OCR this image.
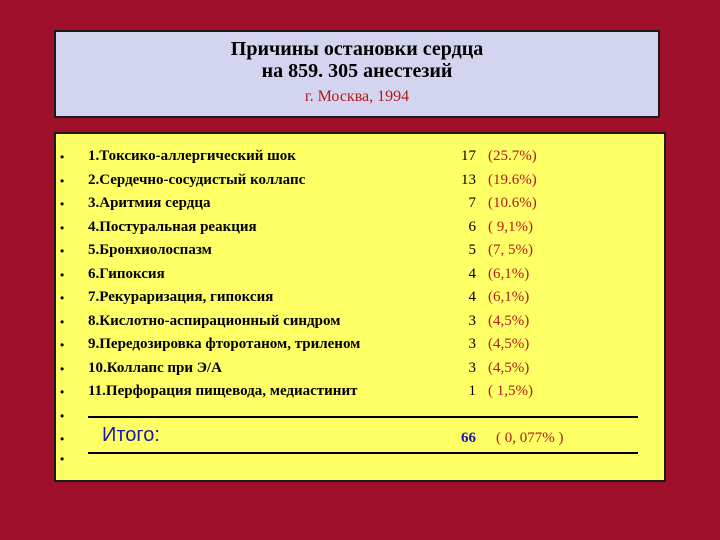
Причины остановки сердца
на 859. 305 анестезий
г. Москва, 1994
• 1.Токсико-аллергический шок	17 (25.7%)
• 2.Сердечно-сосудистый коллапс	13 (19.6%)
• 3.Аритмия сердца	7 (10.6%)
• 4.Постуральная реакция	6 ( 9,1%)
• 5.Бронхиолоспазм	5 (7, 5%)
• 6.Гипоксия	4 (6,1%)
• 7.Рекураризация, гипоксия	4 (6,1%)
• 8.Кислотно-аспирационный синдром	3 (4,5%)
• 9.Передозировка фторотаном, триленом	3 (4,5%)
• 10.Коллапс при Э/А	3 (4,5%)
• 11.Перфорация пищевода, медиастинит	1 ( 1,5%)
•
• Итого:	66 ( 0, 077% )
•
